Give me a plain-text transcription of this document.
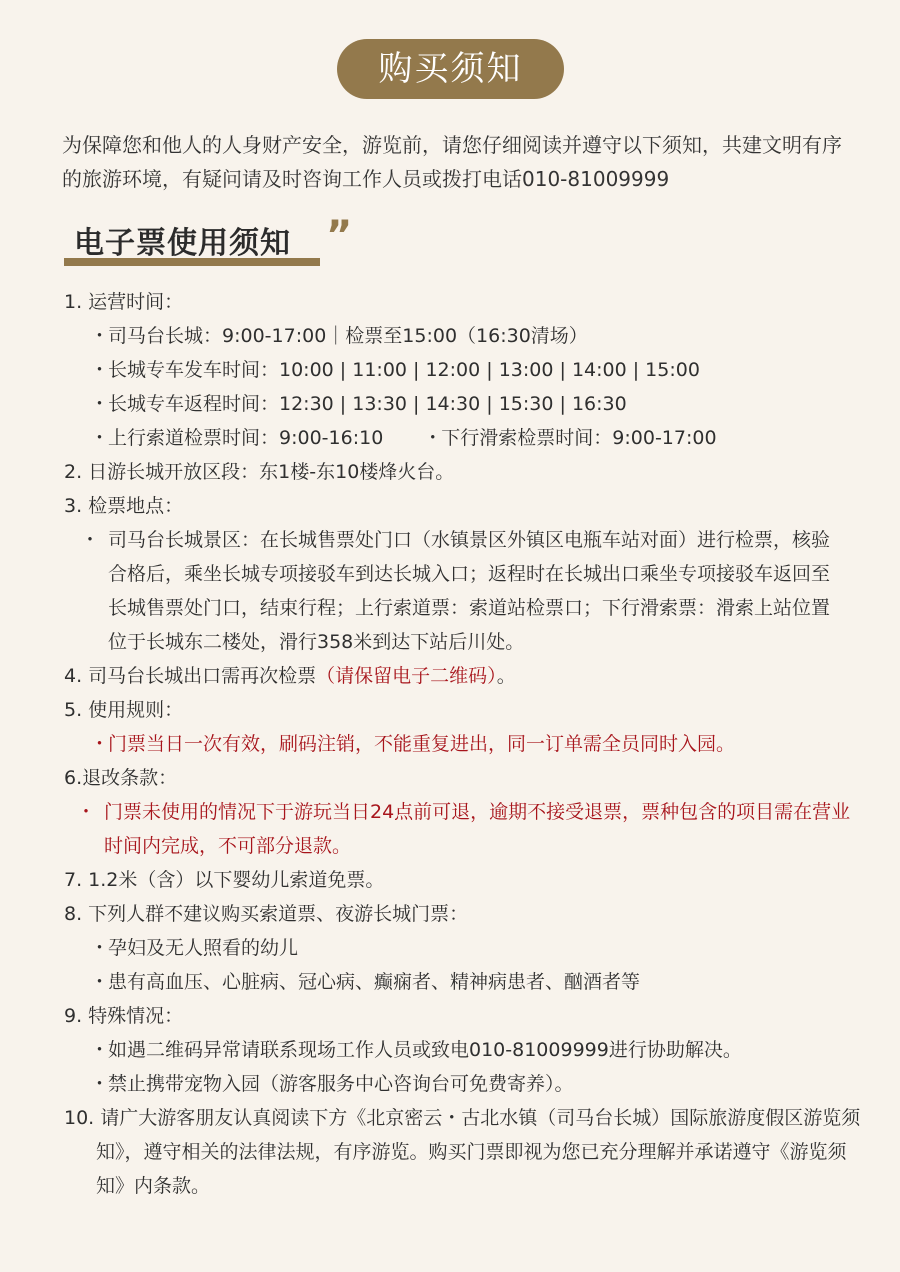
购买须知
为保障您和他人的人身财产安全，游览前，请您仔细阅读并遵守以下须知，共建文明有序的旅游环境，有疑问请及时咨询工作人员或拨打电话010-81009999
电子票使用须知 ”
1. 运营时间：
・司马台长城：9:00-17:00｜检票至15:00（16:30清场）
・长城专车发车时间：10:00 | 11:00 | 12:00 | 13:00 | 14:00 | 15:00
・长城专车返程时间：12:30 | 13:30 | 14:30 | 15:30 | 16:30
・上行索道检票时间：9:00-16:10 ・下行滑索检票时间：9:00-17:00
2. 日游长城开放区段：东1楼-东10楼烽火台。
3. 检票地点：
・ 司马台长城景区：在长城售票处门口（水镇景区外镇区电瓶车站对面）进行检票，核验合格后，乘坐长城专项接驳车到达长城入口；返程时在长城出口乘坐专项接驳车返回至长城售票处门口，结束行程；上行索道票：索道站检票口；下行滑索票：滑索上站位置位于长城东二楼处，滑行358米到达下站后川处。
4. 司马台长城出口需再次检票（请保留电子二维码）。
5. 使用规则：
・门票当日一次有效，刷码注销，不能重复进出，同一订单需全员同时入园。
6.退改条款：
・ 门票未使用的情况下于游玩当日24点前可退，逾期不接受退票，票种包含的项目需在营业时间内完成，不可部分退款。
7. 1.2米（含）以下婴幼儿索道免票。
8. 下列人群不建议购买索道票、夜游长城门票：
・孕妇及无人照看的幼儿
・患有高血压、心脏病、冠心病、癫痫者、精神病患者、酗酒者等
9. 特殊情况：
・如遇二维码异常请联系现场工作人员或致电010-81009999进行协助解决。
・禁止携带宠物入园（游客服务中心咨询台可免费寄养）。
10. 请广大游客朋友认真阅读下方《北京密云・古北水镇（司马台长城）国际旅游度假区游览须知》，遵守相关的法律法规，有序游览。购买门票即视为您已充分理解并承诺遵守《游览须知》内条款。
